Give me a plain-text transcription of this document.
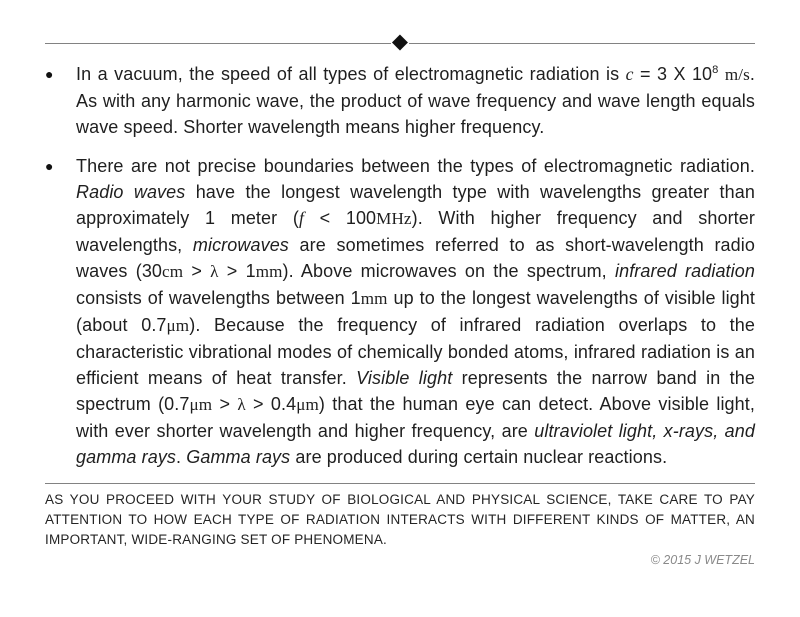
◆
●	In a vacuum, the speed of all types of electromagnetic radiation is c = 3 X $10^8$ m/s. As with any harmonic wave, the product of wave frequency and wave length equals wave speed. Shorter wavelength means higher frequency.

●	There are not precise boundaries between the types of electromagnetic radiation. Radio waves have the longest wavelength type with wavelengths greater than approximately 1 meter (f < 100MHz). With higher frequency and shorter wavelengths, microwaves are sometimes referred to as short-wavelength radio waves (30cm > λ > 1mm). Above microwaves on the spectrum, infrared radiation consists of wavelengths between 1mm up to the longest wavelengths of visible light (about 0.7μm). Because the frequency of infrared radiation overlaps to the characteristic vibrational modes of chemically bonded atoms, infrared radiation is an efficient means of heat transfer. Visible light represents the narrow band in the spectrum (0.7μm > λ > 0.4μm) that the human eye can detect. Above visible light, with ever shorter wavelength and higher frequency, are ultraviolet light, x-rays, and gamma rays. Gamma rays are produced during certain nuclear reactions.

AS YOU PROCEED WITH YOUR STUDY OF BIOLOGICAL AND PHYSICAL SCIENCE, TAKE CARE TO PAY ATTENTION TO HOW EACH TYPE OF RADIATION INTERACTS WITH DIFFERENT KINDS OF MATTER, AN IMPORTANT, WIDE-RANGING SET OF PHENOMENA.

© 2015 J WETZEL
